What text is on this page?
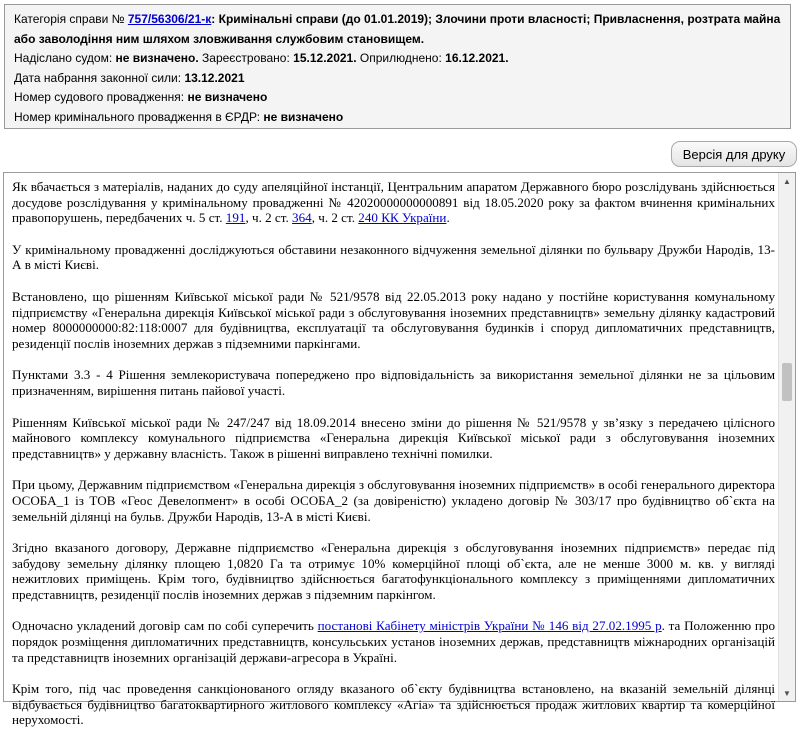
Категорія справи № 757/56306/21-к: Кримінальні справи (до 01.01.2019); Злочини проти власності; Привласнення, розтрата майна або заволодіння ним шляхом зловживання службовим становищем.
Надіслано судом: не визначено. Зареєстровано: 15.12.2021. Оприлюднено: 16.12.2021.
Дата набрання законної сили: 13.12.2021
Номер судового провадження: не визначено
Номер кримінального провадження в ЄРДР: не визначено
Версія для друку

Як вбачається з матеріалів, наданих до суду апеляційної інстанції, Центральним апаратом Державного бюро розслідувань здійснюється досудове розслідування у кримінальному провадженні № 42020000000000891 від 18.05.2020 року за фактом вчинення кримінальних правопорушень, передбачених ч. 5 ст. 191, ч. 2 ст. 364, ч. 2 ст. 240 КК України.

У кримінальному провадженні досліджуються обставини незаконного відчуження земельної ділянки по бульвару Дружби Народів, 13-А в місті Києві.

Встановлено, що рішенням Київської міської ради № 521/9578 від 22.05.2013 року надано у постійне користування комунальному підприємству «Генеральна дирекція Київської міської ради з обслуговування іноземних представництв» земельну ділянку кадастровий номер 8000000000:82:118:0007 для будівництва, експлуатації та обслуговування будинків і споруд дипломатичних представництв, резиденції послів іноземних держав з підземними паркінгами.

Пунктами 3.3 - 4 Рішення землекористувача попереджено про відповідальність за використання земельної ділянки не за цільовим призначенням, вирішення питань пайової участі.

Рішенням Київської міської ради № 247/247 від 18.09.2014 внесено зміни до рішення № 521/9578 у зв’язку з передачею цілісного майнового комплексу комунального підприємства «Генеральна дирекція Київської міської ради з обслуговування іноземних представництв» у державну власність. Також в рішенні виправлено технічні помилки.

При цьому, Державним підприємством «Генеральна дирекція з обслуговування іноземних підприємств» в особі генерального директора ОСОБА_1 із ТОВ «Геос Девелопмент» в особі ОСОБА_2 (за довіреністю) укладено договір № 303/17 про будівництво об`єкта на земельній ділянці на бульв. Дружби Народів, 13-А в місті Києві.

Згідно вказаного договору, Державне підприємство «Генеральна дирекція з обслуговування іноземних підприємств» передає під забудову земельну ділянку площею 1,0820 Га та отримує 10% комерційної площі об`єкта, але не менше 3000 м. кв. у вигляді нежитлових приміщень. Крім того, будівництво здійснюється багатофункціонального комплексу з приміщеннями дипломатичних представництв, резиденції послів іноземних держав з підземним паркінгом.

Одночасно укладений договір сам по собі суперечить постанові Кабінету міністрів України № 146 від 27.02.1995 р. та Положенню про порядок розміщення дипломатичних представництв, консульських установ іноземних держав, представництв міжнародних організацій та представництв іноземних організацій держави-агресора в Україні.

Крім того, під час проведення санкціонованого огляду вказаного об`єкту будівництва встановлено, на вказаній земельній ділянці відбувається будівництво багатоквартирного житлового комплексу «Агіа» та здійснюється продаж житлових квартир та комерційної нерухомості.

▲
▼
